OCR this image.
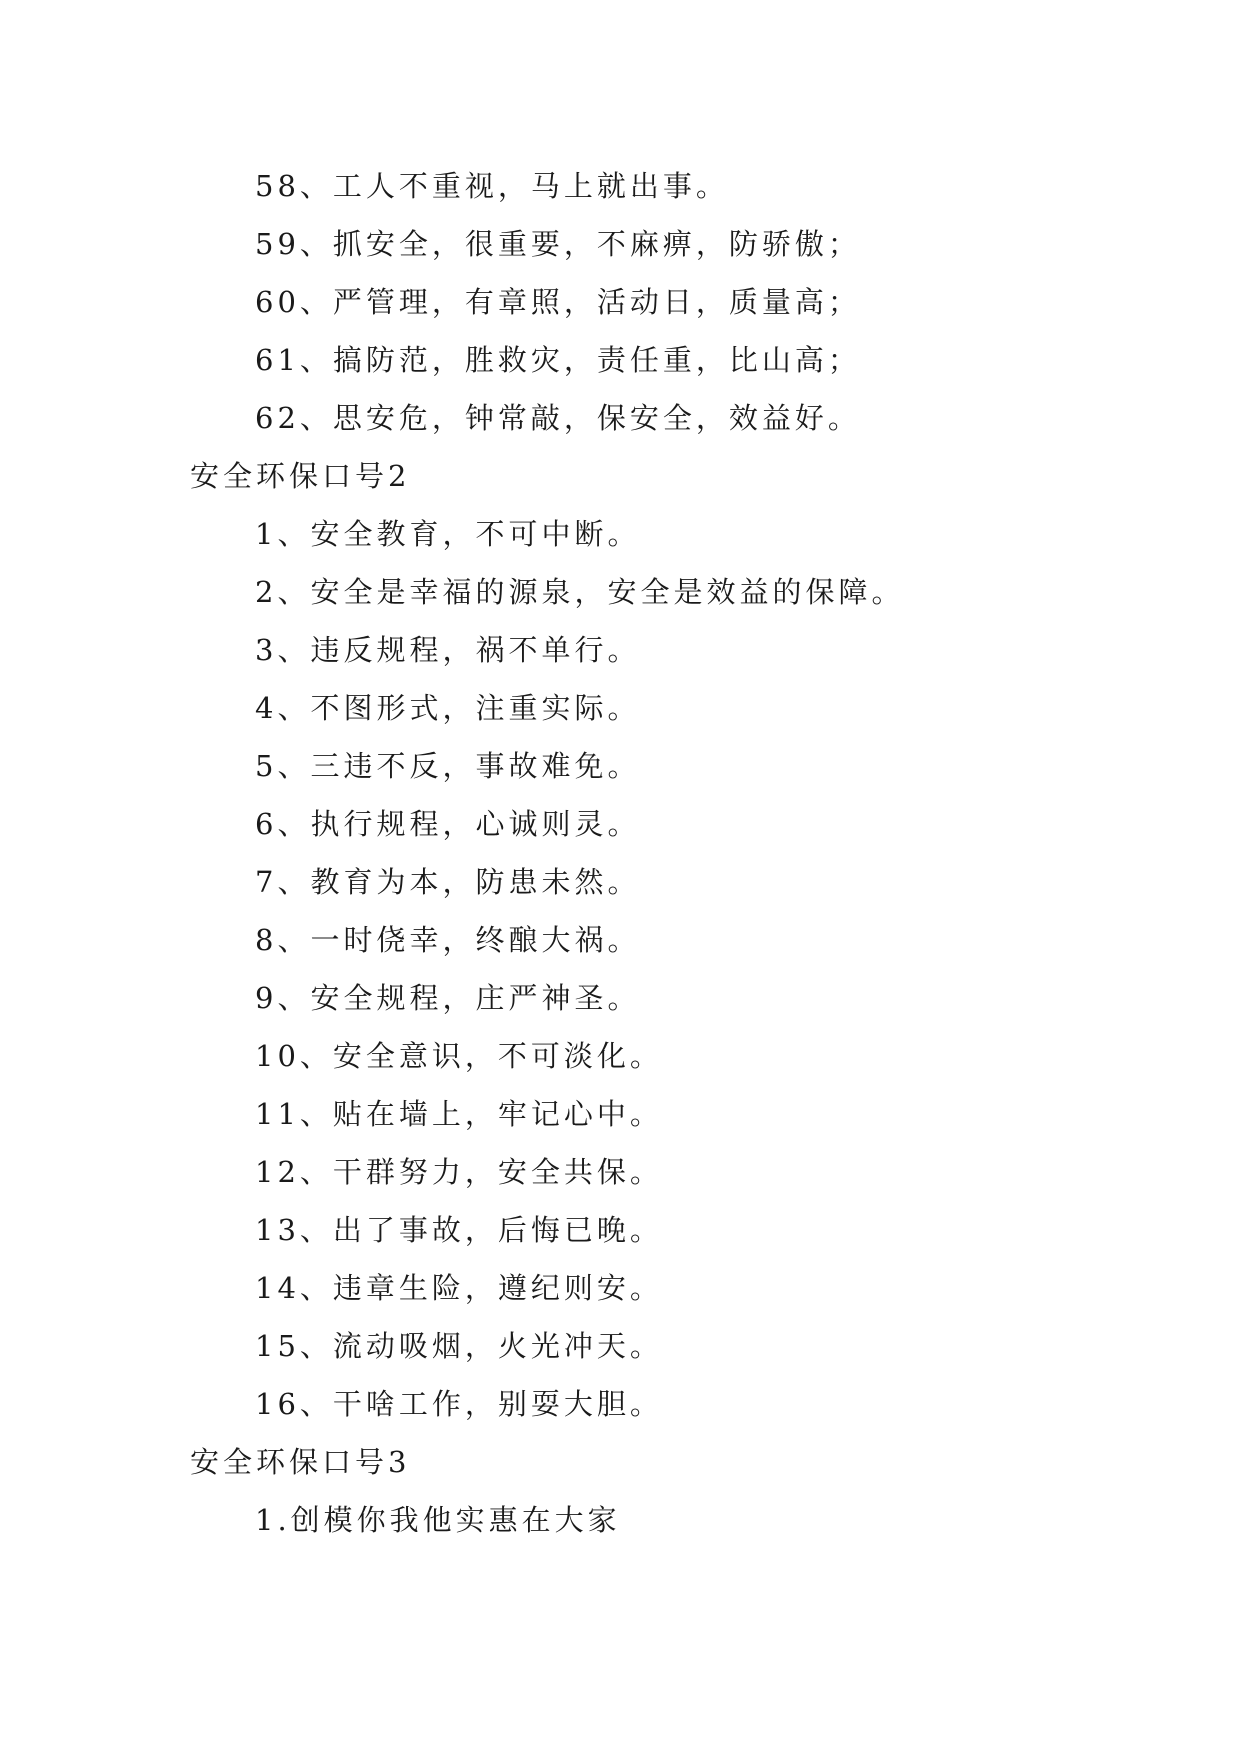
58、工人不重视，马上就出事。
59、抓安全，很重要，不麻痹，防骄傲；
60、严管理，有章照，活动日，质量高；
61、搞防范，胜救灾，责任重，比山高；
62、思安危，钟常敲，保安全，效益好。
安全环保口号2
1、安全教育，不可中断。
2、安全是幸福的源泉，安全是效益的保障。
3、违反规程，祸不单行。
4、不图形式，注重实际。
5、三违不反，事故难免。
6、执行规程，心诚则灵。
7、教育为本，防患未然。
8、一时侥幸，终酿大祸。
9、安全规程，庄严神圣。
10、安全意识，不可淡化。
11、贴在墙上，牢记心中。
12、干群努力，安全共保。
13、出了事故，后悔已晚。
14、违章生险，遵纪则安。
15、流动吸烟，火光冲天。
16、干啥工作，别耍大胆。
安全环保口号3
1.创模你我他实惠在大家
